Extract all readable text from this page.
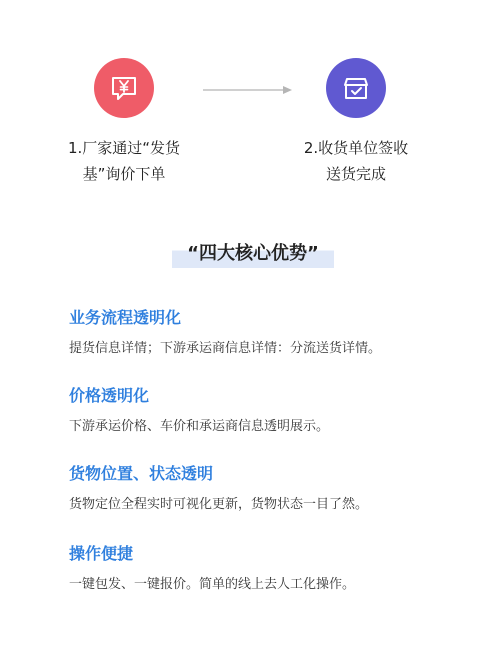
1.厂家通过“发货
基”询价下单
2.收货单位签收
送货完成
“四大核心优势”
业务流程透明化
提货信息详情；下游承运商信息详情：分流送货详情。
价格透明化
下游承运价格、车价和承运商信息透明展示。
货物位置、状态透明
货物定位全程实时可视化更新，货物状态一目了然。
操作便捷
一键包发、一键报价。简单的线上去人工化操作。
